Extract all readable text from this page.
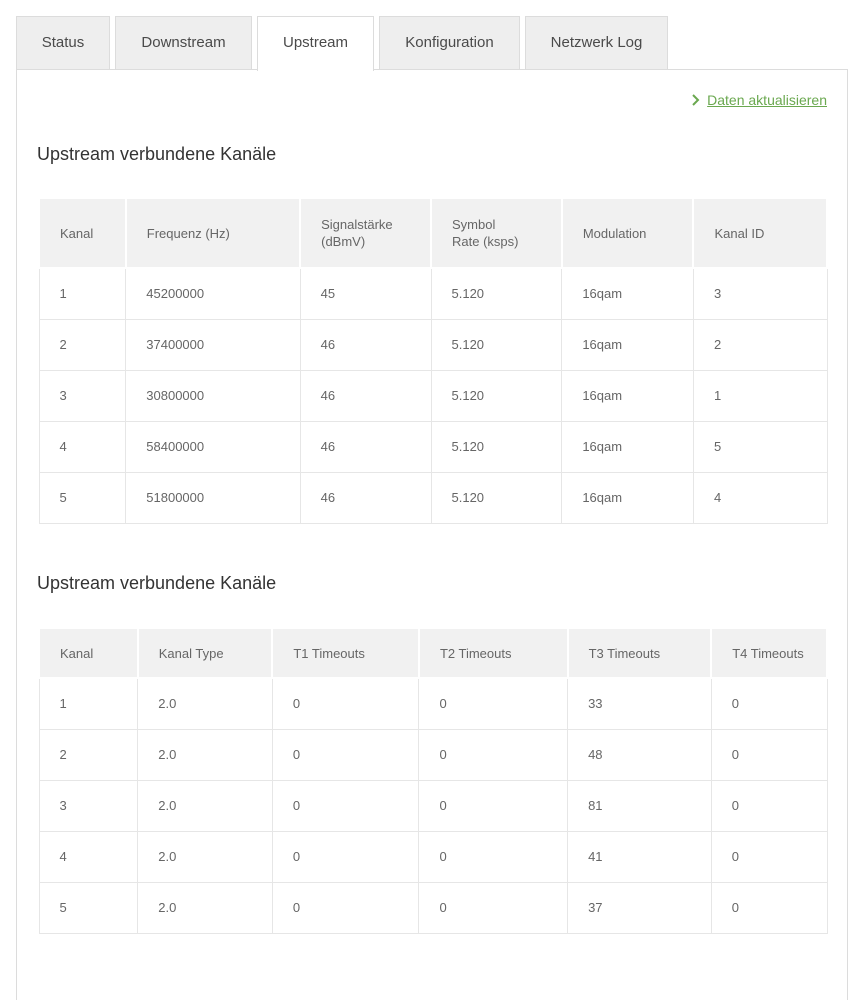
Status	Downstream	Upstream	Konfiguration	Netzwerk Log
Daten aktualisieren
Upstream verbundene Kanäle
Kanal	Frequenz (Hz)	Signalstärke (dBmV)	Symbol Rate (ksps)	Modulation	Kanal ID
1	45200000	45	5.120	16qam	3
2	37400000	46	5.120	16qam	2
3	30800000	46	5.120	16qam	1
4	58400000	46	5.120	16qam	5
5	51800000	46	5.120	16qam	4
Upstream verbundene Kanäle
Kanal	Kanal Type	T1 Timeouts	T2 Timeouts	T3 Timeouts	T4 Timeouts
1	2.0	0	0	33	0
2	2.0	0	0	48	0
3	2.0	0	0	81	0
4	2.0	0	0	41	0
5	2.0	0	0	37	0
